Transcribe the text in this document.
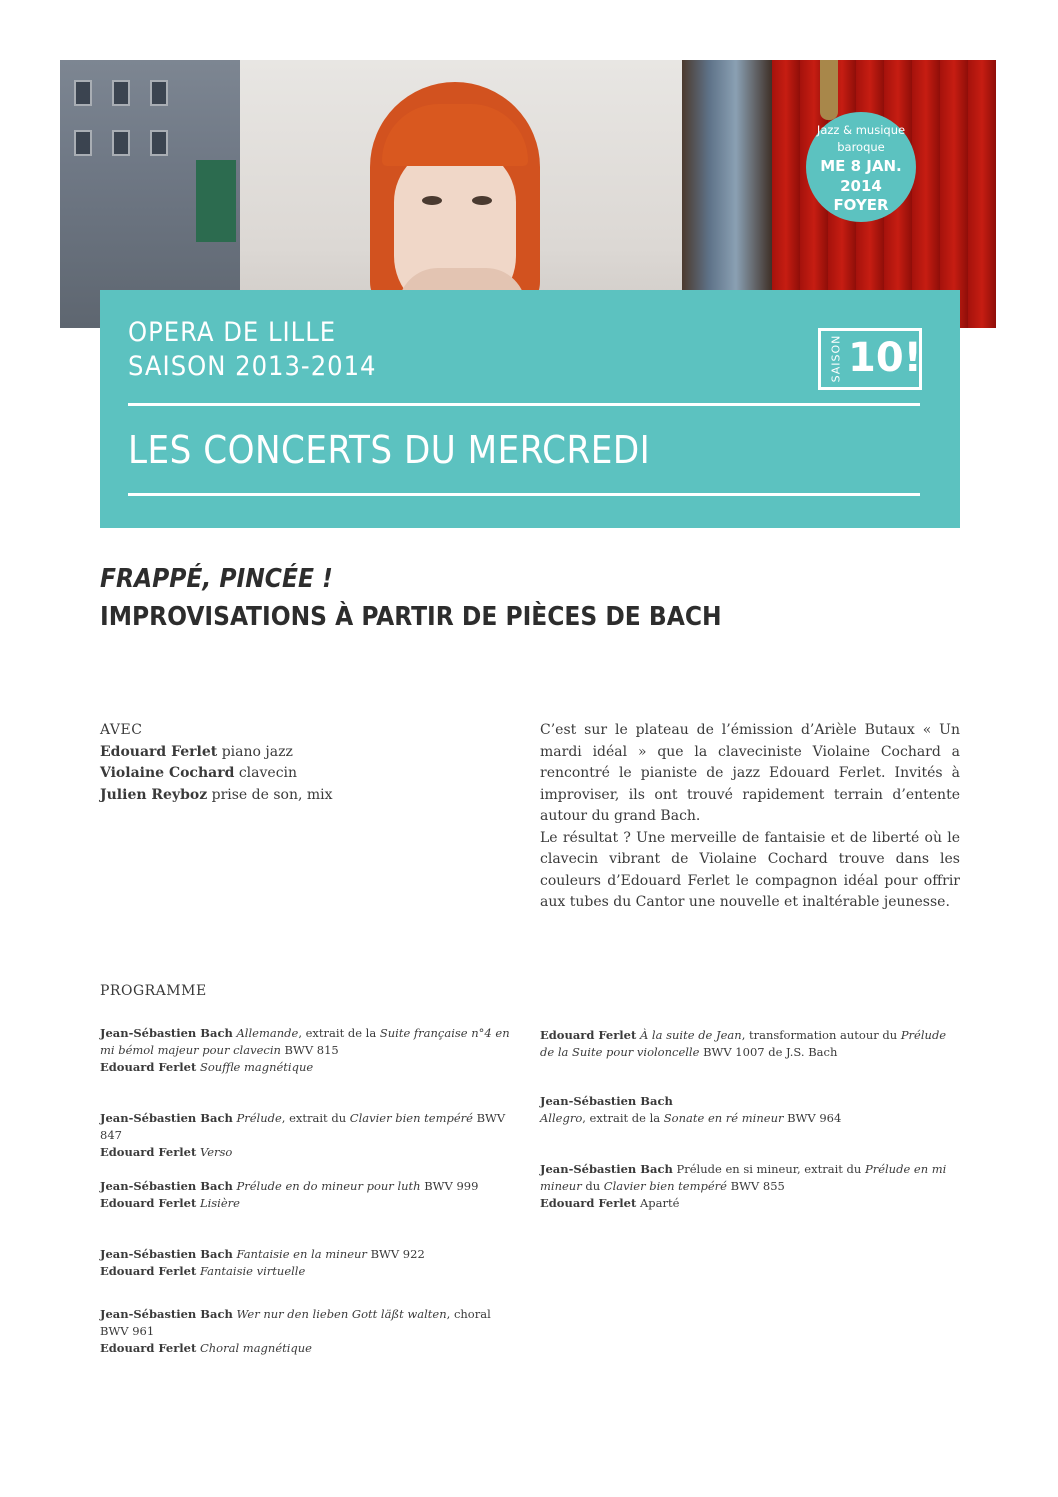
Jazz & musique baroque
ME 8 JAN. 2014
FOYER
OPERA DE LILLE
SAISON 2013-2014	SAISON 10!
LES CONCERTS DU MERCREDI
FRAPPÉ, PINCÉE !
IMPROVISATIONS À PARTIR DE PIÈCES DE BACH
AVEC
Edouard Ferlet piano jazz
Violaine Cochard clavecin
Julien Reyboz prise de son, mix

C’est sur le plateau de l’émission d’Arièle Butaux « Un mardi idéal » que la claveciniste Violaine Cochard a rencontré le pianiste de jazz Edouard Ferlet. Invités à improviser, ils ont trouvé rapidement terrain d’entente autour du grand Bach.

Le résultat ? Une merveille de fantaisie et de liberté où le clavecin vibrant de Violaine Cochard trouve dans les couleurs d’Edouard Ferlet le compagnon idéal pour offrir aux tubes du Cantor une nouvelle et inaltérable jeunesse.

PROGRAMME
Jean-Sébastien Bach Allemande, extrait de la Suite française n°4 en mi bémol majeur pour clavecin BWV 815
Edouard Ferlet Souffle magnétique
Jean-Sébastien Bach Prélude, extrait du Clavier bien tempéré BWV 847
Edouard Ferlet Verso
Jean-Sébastien Bach Prélude en do mineur pour luth BWV 999
Edouard Ferlet Lisière
Jean-Sébastien Bach Fantaisie en la mineur BWV 922
Edouard Ferlet Fantaisie virtuelle
Jean-Sébastien Bach Wer nur den lieben Gott läßt walten, choral BWV 961
Edouard Ferlet Choral magnétique
Edouard Ferlet À la suite de Jean, transformation autour du Prélude de la Suite pour violoncelle BWV 1007 de J.S. Bach
Jean-Sébastien Bach
Allegro, extrait de la Sonate en ré mineur BWV 964
Jean-Sébastien Bach Prélude en si mineur, extrait du Prélude en mi mineur du Clavier bien tempéré BWV 855
Edouard Ferlet Aparté
